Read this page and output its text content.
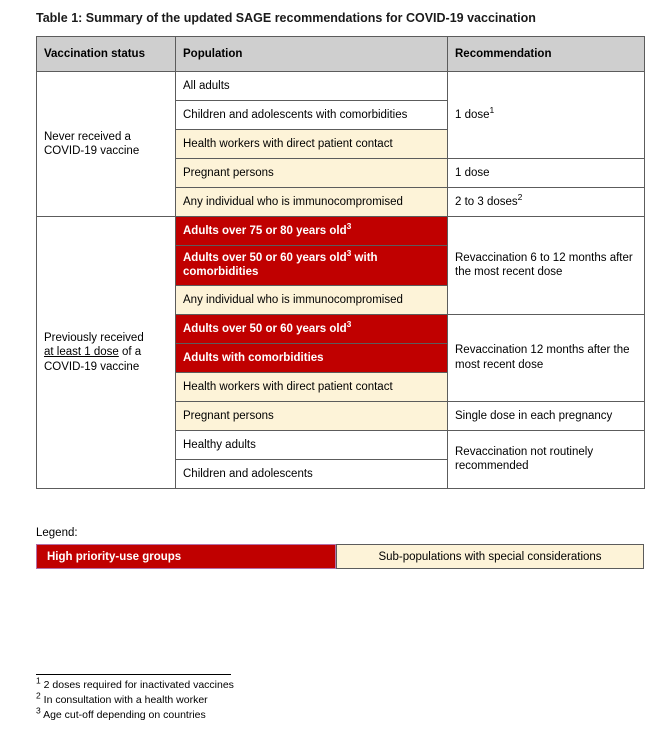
Table 1: Summary of the updated SAGE recommendations for COVID-19 vaccination
Vaccination status	Population	Recommendation
Never received a COVID-19 vaccine	All adults	1 dose$^1$
	Children and adolescents with comorbidities	
	Health workers with direct patient contact	
	Pregnant persons	1 dose
	Any individual who is immunocompromised	2 to 3 doses$^2$
Previously received
at least 1 dose of a
COVID-19 vaccine	Adults over 75 or 80 years old$^3$	Revaccination 6 to 12 months after the most recent dose
	Adults over 50 or 60 years old$^3$ with comorbidities	
	Any individual who is immunocompromised	
	Adults over 50 or 60 years old$^3$	Revaccination 12 months after the most recent dose
	Adults with comorbidities	
	Health workers with direct patient contact	
	Pregnant persons	Single dose in each pregnancy
	Healthy adults	Revaccination not routinely recommended
	Children and adolescents	
Legend:
High priority-use groups	Sub-populations with special considerations
$^1$ 2 doses required for inactivated vaccines
$^2$ In consultation with a health worker
$^3$ Age cut-off depending on countries
